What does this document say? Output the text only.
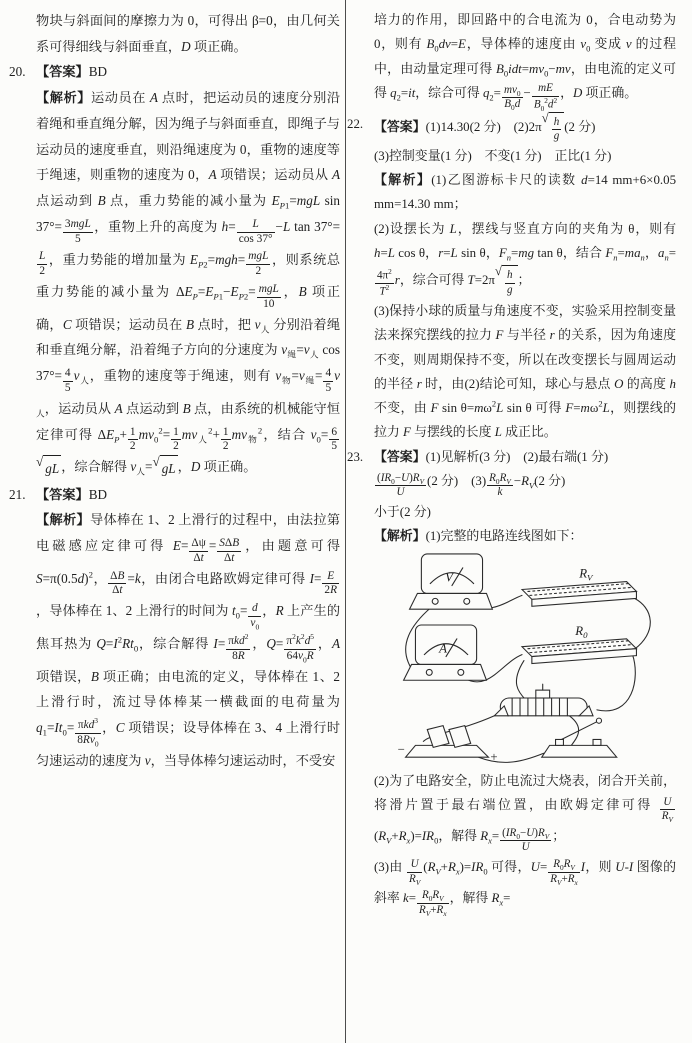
物块与斜面间的摩擦力为 0，可得出 β=0，由几何关系可得细线与斜面垂直，D 项正确。

20. 【答案】BD

【解析】运动员在 A 点时，把运动员的速度分别沿着绳和垂直绳分解，因为绳子与斜面垂直，即绳子与运动员的速度垂直，则沿绳速度为 0，重物的速度等于绳速，则重物的速度为 0，A 项错误；运动员从 A 点运动到 B 点，重力势能的减小量为 $E_{P1}=mgL$ $\sin 37^\circ= \frac{\text{3mgL}}{5}$ ，重物上升的高度为 $h= \frac{L}{\cos 37^\circ} -L$ tan 37°=
$\frac{L}{2}$ ，重力势能的增加量为 $E_{P2}=mgh= \frac{\text{mgL}}{2}$ ，则系统总重力势能的减小量为 $\Delta E_P=E_{P1}-E_{P2}= \frac{\text{mgL}}{10}$ ，B 项正确，C 项错误；运动员在 B 点时，把 $v_人$ 分别沿着绳和垂直绳分解，沿着绳子方向的分速度为 $v_绳=v_人$ $\cos 37^\circ= \frac{4}{5} v_人$，重物的速度等于绳速，则有 $v_物=v_绳= \frac{4}{5} v_人$，运动员从 A 点运动到 B 点，由系统的机械能守恒定律可得 $\Delta E_P+ \frac{1}{2} mv_0^2= \frac{1}{2} mv_人^2+ \frac{1}{2} mv_物^2$，结合 $v_0= \frac{6}{5}$
√ gL ，综合解得 $v_人=$ √ gL ，D 项正确。

21. 【答案】BD

【解析】导体棒在 1、2 上滑行的过程中，由法拉第电磁感应定律可得 $E= \frac{\Delta\psi}{\Delta t} = \frac{\text{SΔB}}{\Delta t}$ ，由题意可得 $S=\pi(0.5d)^2$， $\frac{\Delta B}{\Delta t} =k$，由闭合电路欧姆定律可得 $I= \frac{E}{2R}$
，导体棒在 1、2 上滑行的时间为 $t_0= \frac{d}{v_0}$ ，R 上产生的焦耳热为 $Q=I^2Rt_0$，综合解得 $I= \frac{\pi kd^2}{8R}$ ，$Q= \frac{\pi^2k^2d^5}{64v_0R}$ ，A 项错误，B 项正确；由电流的定义，导体棒在 1、2 上滑行时，流过导体棒某一横截面的电荷量为 $q_1=It_0= \frac{\pi kd^3}{8Rv_0}$ ，C 项错误；设导体棒在 3、4 上滑行时匀速运动的速度为 v，当导体棒匀速运动时，不受安

培力的作用，即回路中的合电流为 0，合电动势为 0，则有 $B_0dv=E$，导体棒的速度由 $v_0$ 变成 v 的过程中，由动量定理可得 $B_0idt=mv_0-mv$，由电流的定义可得 $q_2=it$，综合可得 $q_2= \frac{mv_0}{B_0d} - \frac{mE}{B_0^2d^2}$ ，D 项正确。

22. 【答案】(1)14.30(2 分)　(2)2π
√ $\frac{h}{g} (2$ 分)

(3)控制变量(1 分)　不变(1 分)　正比(1 分)

【解析】(1)乙图游标卡尺的读数 d=14 mm+6×0.05 mm=14.30 mm；

(2)设摆长为 L，摆线与竖直方向的夹角为 θ，则有 h=L cos θ，r=L sin θ，$F_n=mg$ tan θ，结合 $F_n=ma_n$，$a_n=$
$\frac{4\pi^2}{T^2}$ r，综合可得 T=2π
√ $\frac{h}{g}$ ；

(3)保持小球的质量与角速度不变，实验采用控制变量法来探究摆线的拉力 F 与半径 r 的关系，因为角速度不变，则周期保持不变，所以在改变摆长与圆周运动的半径 r 时，由(2)结论可知，球心与悬点 O 的高度 h 不变，由 F $\sin \theta=m\omega^2L$ sin θ 可得 $F=m\omega^2L$，则摆线的拉力 F 与摆线的长度 L 成正比。

23. 【答案】(1)见解析(3 分)　(2)最右端(1 分)

$\frac{(IR_0-U)R_V}{U} (2$ 分)　$(3) \frac{R_0R_V}{k} -R_V(2$ 分)

小于(2 分)

【解析】(1)完整的电路连线图如下：

V
A
$R_V$
$R_0$
−
+

(2)为了电路安全，防止电流过大烧表，闭合开关前，将滑片置于最右端位置，由欧姆定律可得 $\frac{U}{R_V}$
$(R_V+R_x)=IR_0$，解得 $R_x= \frac{(IR_0-U)R_V}{U}$ ；

(3)由 $\frac{U}{R_V} (R_V+R_x)=IR_0$ 可得，$U= \frac{R_0R_V}{R_V+R_x}$ I，则 U-I 图像的斜率 $k= \frac{R_0R_V}{R_V+R_x}$ ，解得 $R_x=$
